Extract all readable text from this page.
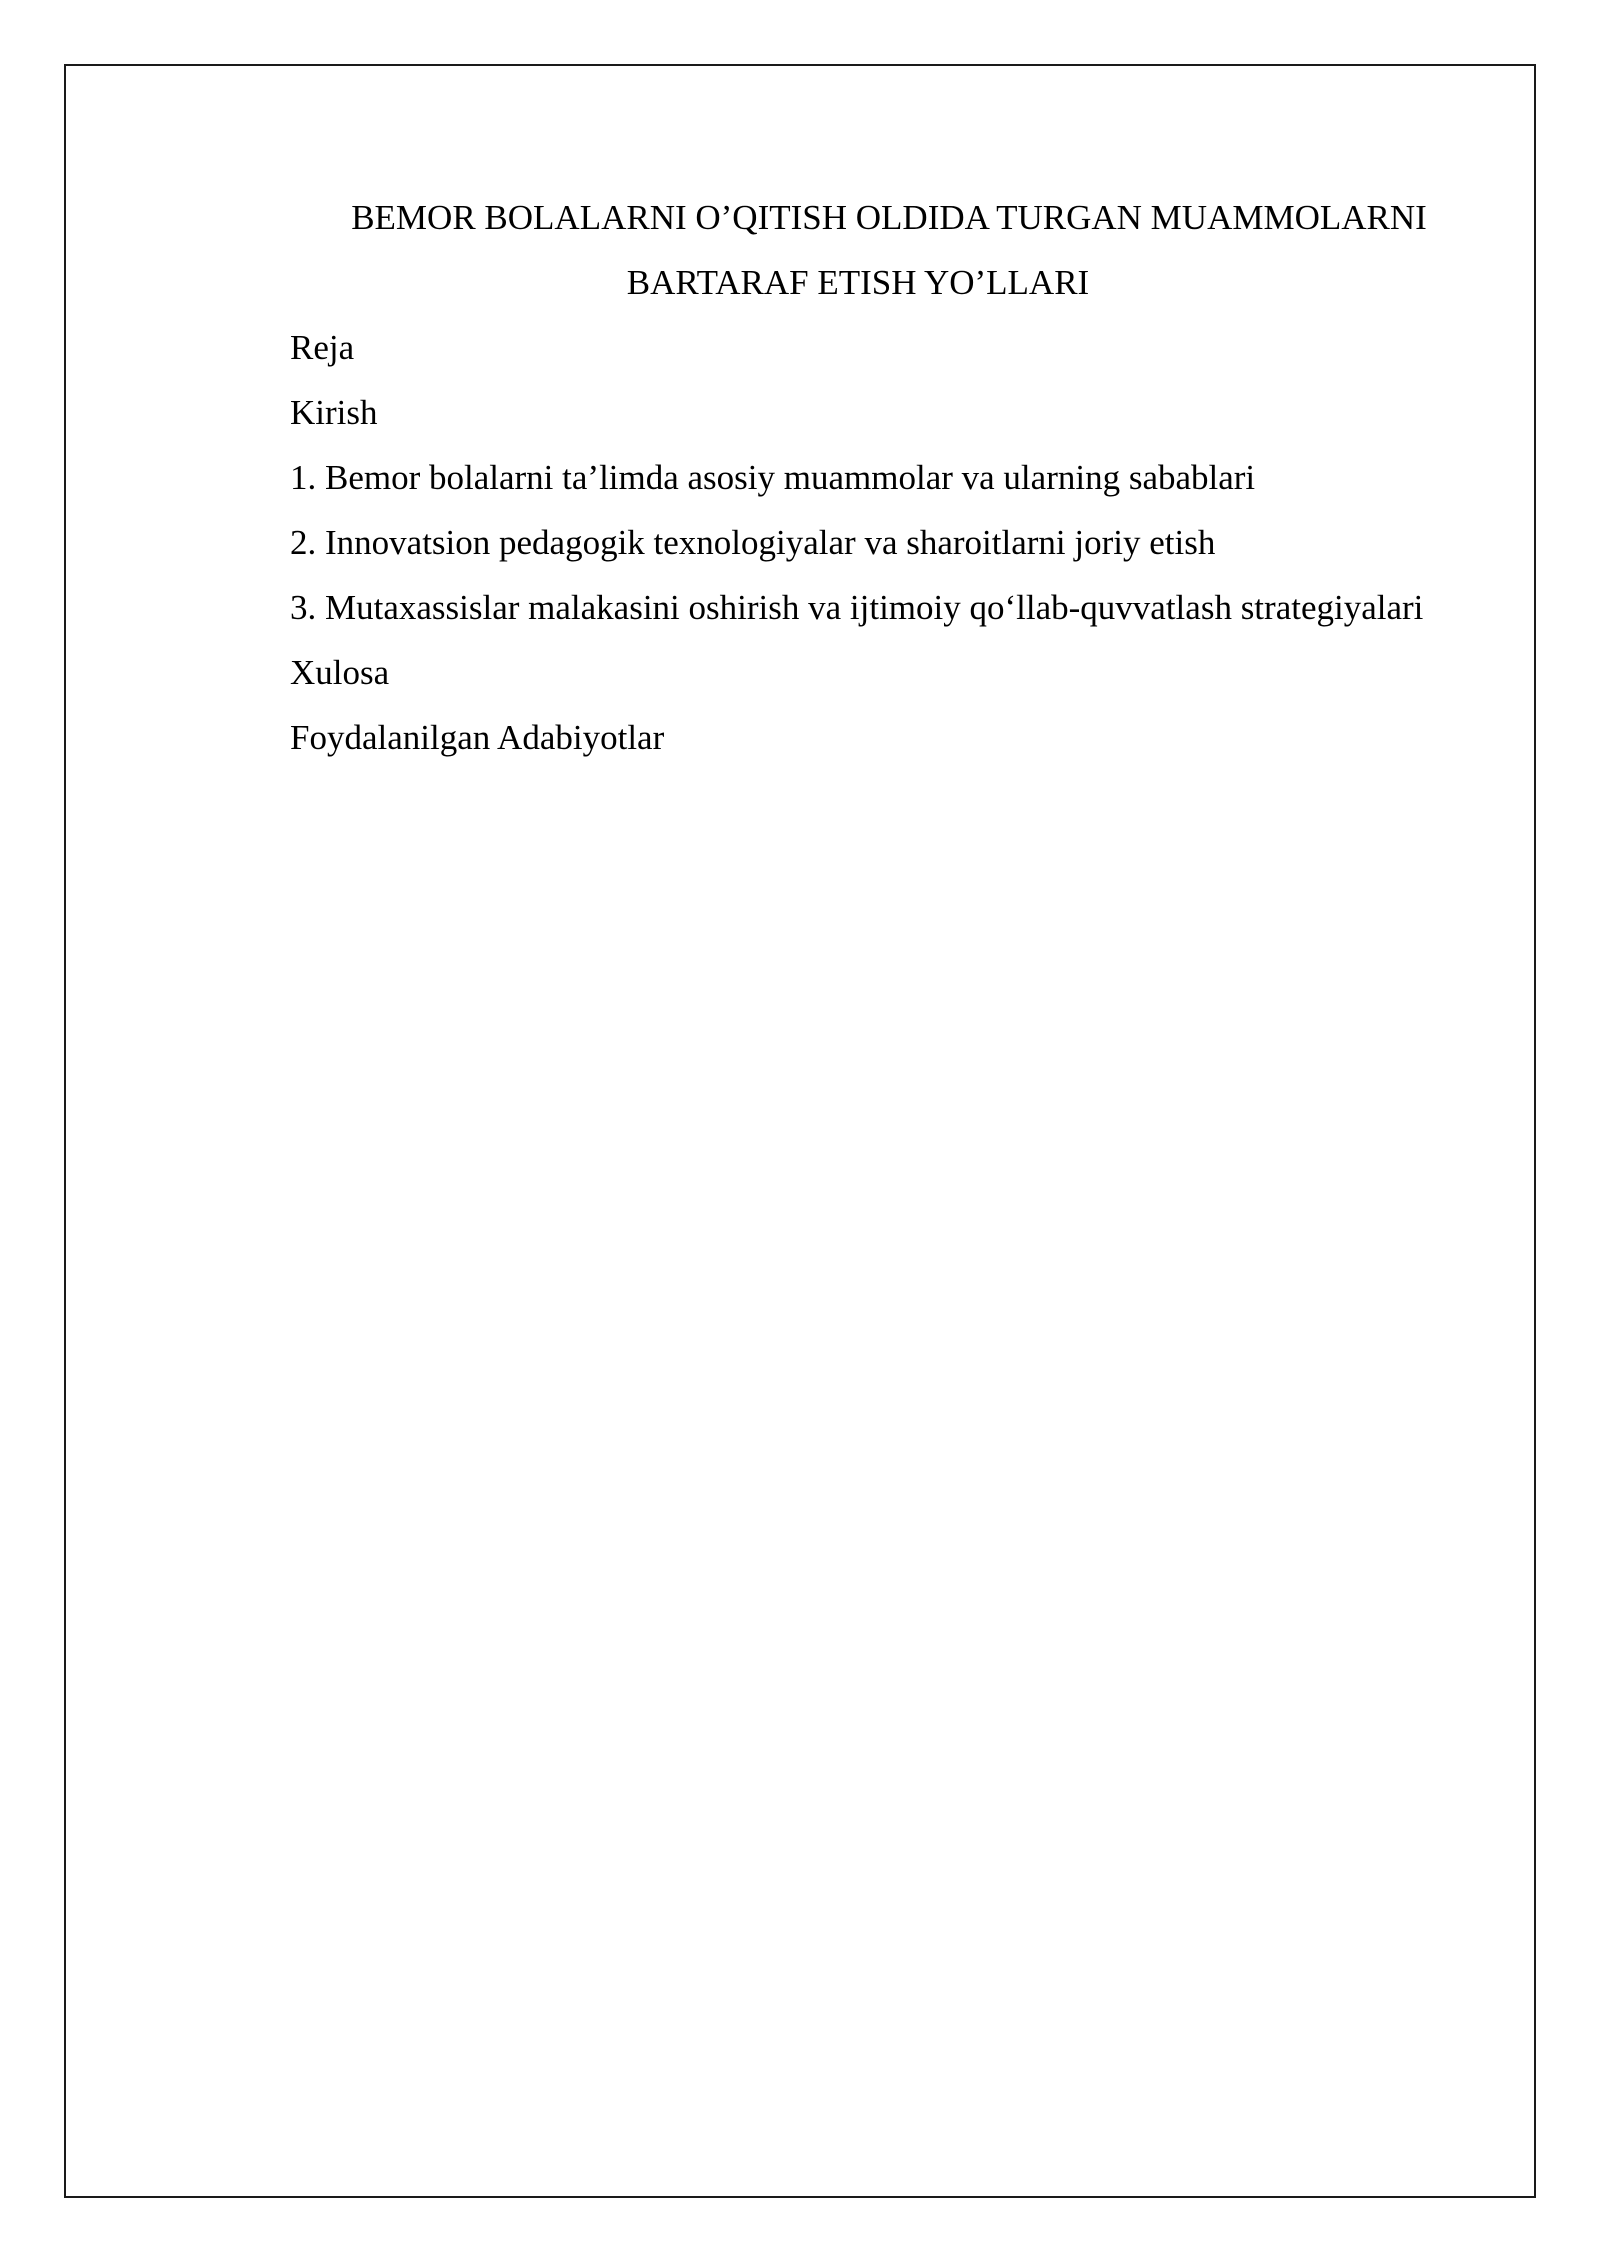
BEMOR BOLALARNI O’QITISH OLDIDA TURGAN MUAMMOLARNI
BARTARAF ETISH YO’LLARI
Reja
Kirish
1. Bemor bolalarni ta’limda asosiy muammolar va ularning sabablari
2. Innovatsion pedagogik texnologiyalar va sharoitlarni joriy etish
3. Mutaxassislar malakasini oshirish va ijtimoiy qo‘llab-quvvatlash strategiyalari
Xulosa
Foydalanilgan Adabiyotlar
